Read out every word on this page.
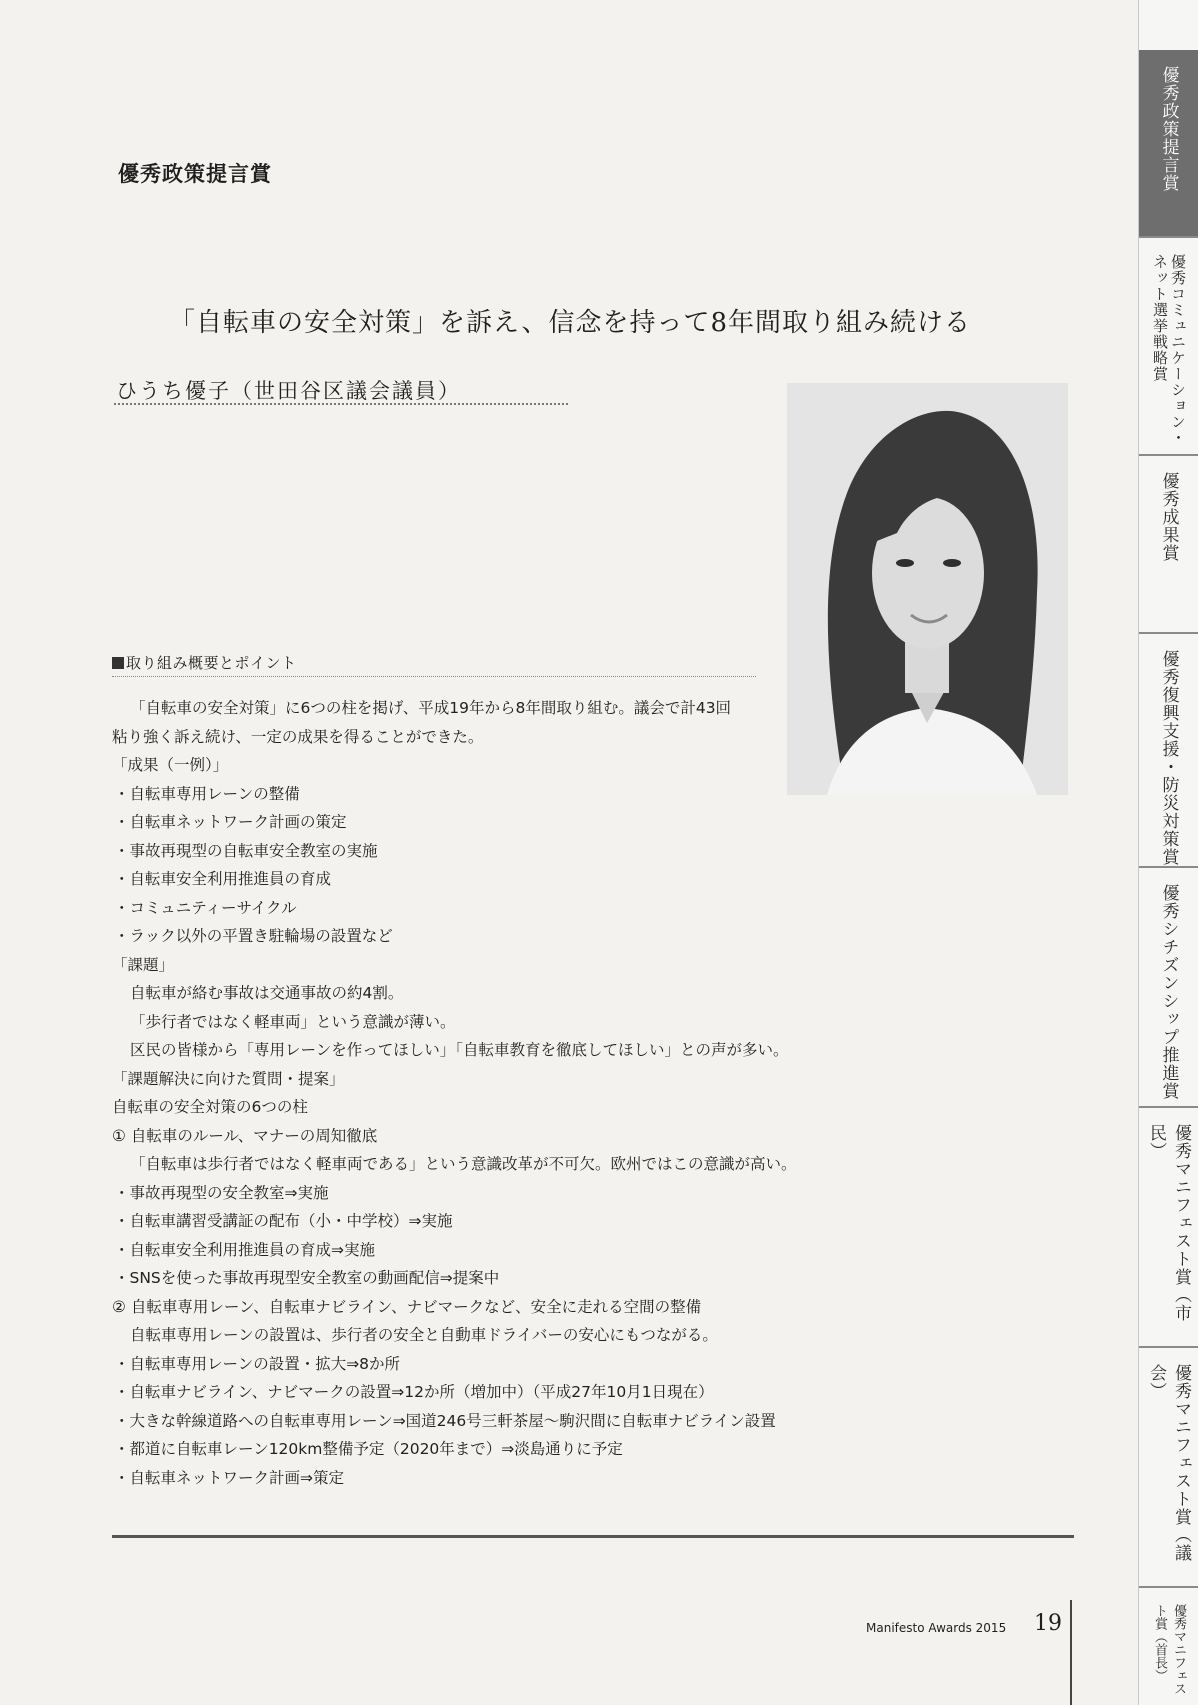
優秀政策提言賞
「自転車の安全対策」を訴え、信念を持って8年間取り組み続ける
ひうち優子（世田谷区議会議員）
取り組み概要とポイント
「自転車の安全対策」に6つの柱を掲げ、平成19年から8年間取り組む。議会で計43回
粘り強く訴え続け、一定の成果を得ることができた。
「成果（一例）」
・自転車専用レーンの整備
・自転車ネットワーク計画の策定
・事故再現型の自転車安全教室の実施
・自転車安全利用推進員の育成
・コミュニティーサイクル
・ラック以外の平置き駐輪場の設置など
「課題」
自転車が絡む事故は交通事故の約4割。
「歩行者ではなく軽車両」という意識が薄い。
区民の皆様から「専用レーンを作ってほしい」「自転車教育を徹底してほしい」との声が多い。
「課題解決に向けた質問・提案」
自転車の安全対策の6つの柱
① 自転車のルール、マナーの周知徹底
「自転車は歩行者ではなく軽車両である」という意識改革が不可欠。欧州ではこの意識が高い。
・事故再現型の安全教室⇒実施
・自転車講習受講証の配布（小・中学校）⇒実施
・自転車安全利用推進員の育成⇒実施
・SNSを使った事故再現型安全教室の動画配信⇒提案中
② 自転車専用レーン、自転車ナビライン、ナビマークなど、安全に走れる空間の整備
自転車専用レーンの設置は、歩行者の安全と自動車ドライバーの安心にもつながる。
・自転車専用レーンの設置・拡大⇒8か所
・自転車ナビライン、ナビマークの設置⇒12か所（増加中）（平成27年10月1日現在）
・大きな幹線道路への自転車専用レーン⇒国道246号三軒茶屋～駒沢間に自転車ナビライン設置
・都道に自転車レーン120km整備予定（2020年まで）⇒淡島通りに予定
・自転車ネットワーク計画⇒策定
Manifesto Awards 2015 19
優秀政策提言賞
優秀コミュニケーション・ネット選挙戦略賞
優秀成果賞
優秀復興支援・防災対策賞
優秀シチズンシップ推進賞
優秀マニフェスト賞（市民）
優秀マニフェスト賞（議会）
優秀マニフェスト賞（首長）
